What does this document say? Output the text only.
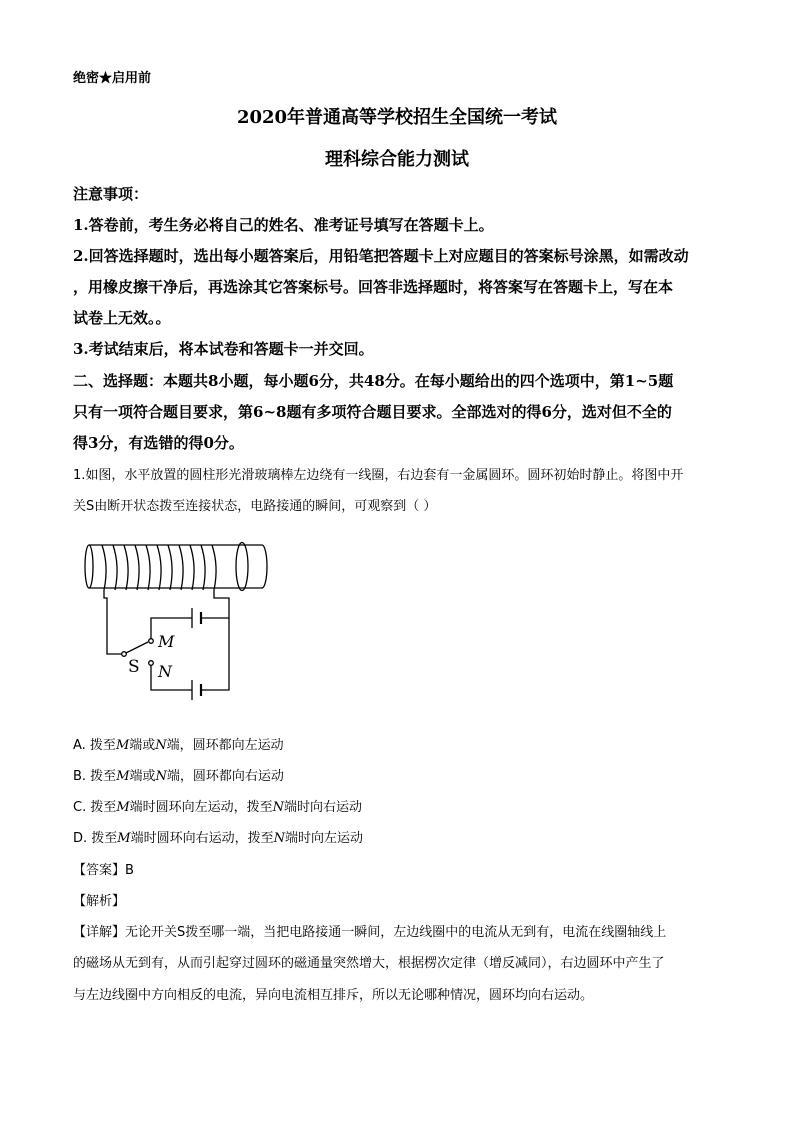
绝密★启用前
2020年普通高等学校招生全国统一考试
理科综合能力测试
注意事项：
1.答卷前，考生务必将自己的姓名、准考证号填写在答题卡上。
2.回答选择题时，选出每小题答案后，用铅笔把答题卡上对应题目的答案标号涂黑，如需改动
，用橡皮擦干净后，再选涂其它答案标号。回答非选择题时，将答案写在答题卡上，写在本
试卷上无效。。
3.考试结束后，将本试卷和答题卡一并交回。
二、选择题：本题共8小题，每小题6分，共48分。在每小题给出的四个选项中，第1~5题
只有一项符合题目要求，第6~8题有多项符合题目要求。全部选对的得6分，选对但不全的
得3分，有选错的得0分。
1.如图，水平放置的圆柱形光滑玻璃棒左边绕有一线圈，右边套有一金属圆环。圆环初始时静止。将图中开
关S由断开状态拨至连接状态，电路接通的瞬间，可观察到（ ）
M
N
S
A. 拨至M端或N端，圆环都向左运动
B. 拨至M端或N端，圆环都向右运动
C. 拨至M端时圆环向左运动，拨至N端时向右运动
D. 拨至M端时圆环向右运动，拨至N端时向左运动
【答案】B
【解析】
【详解】无论开关S拨至哪一端，当把电路接通一瞬间，左边线圈中的电流从无到有，电流在线圈轴线上
的磁场从无到有，从而引起穿过圆环的磁通量突然增大，根据楞次定律（增反减同），右边圆环中产生了
与左边线圈中方向相反的电流，异向电流相互排斥，所以无论哪种情况，圆环均向右运动。
